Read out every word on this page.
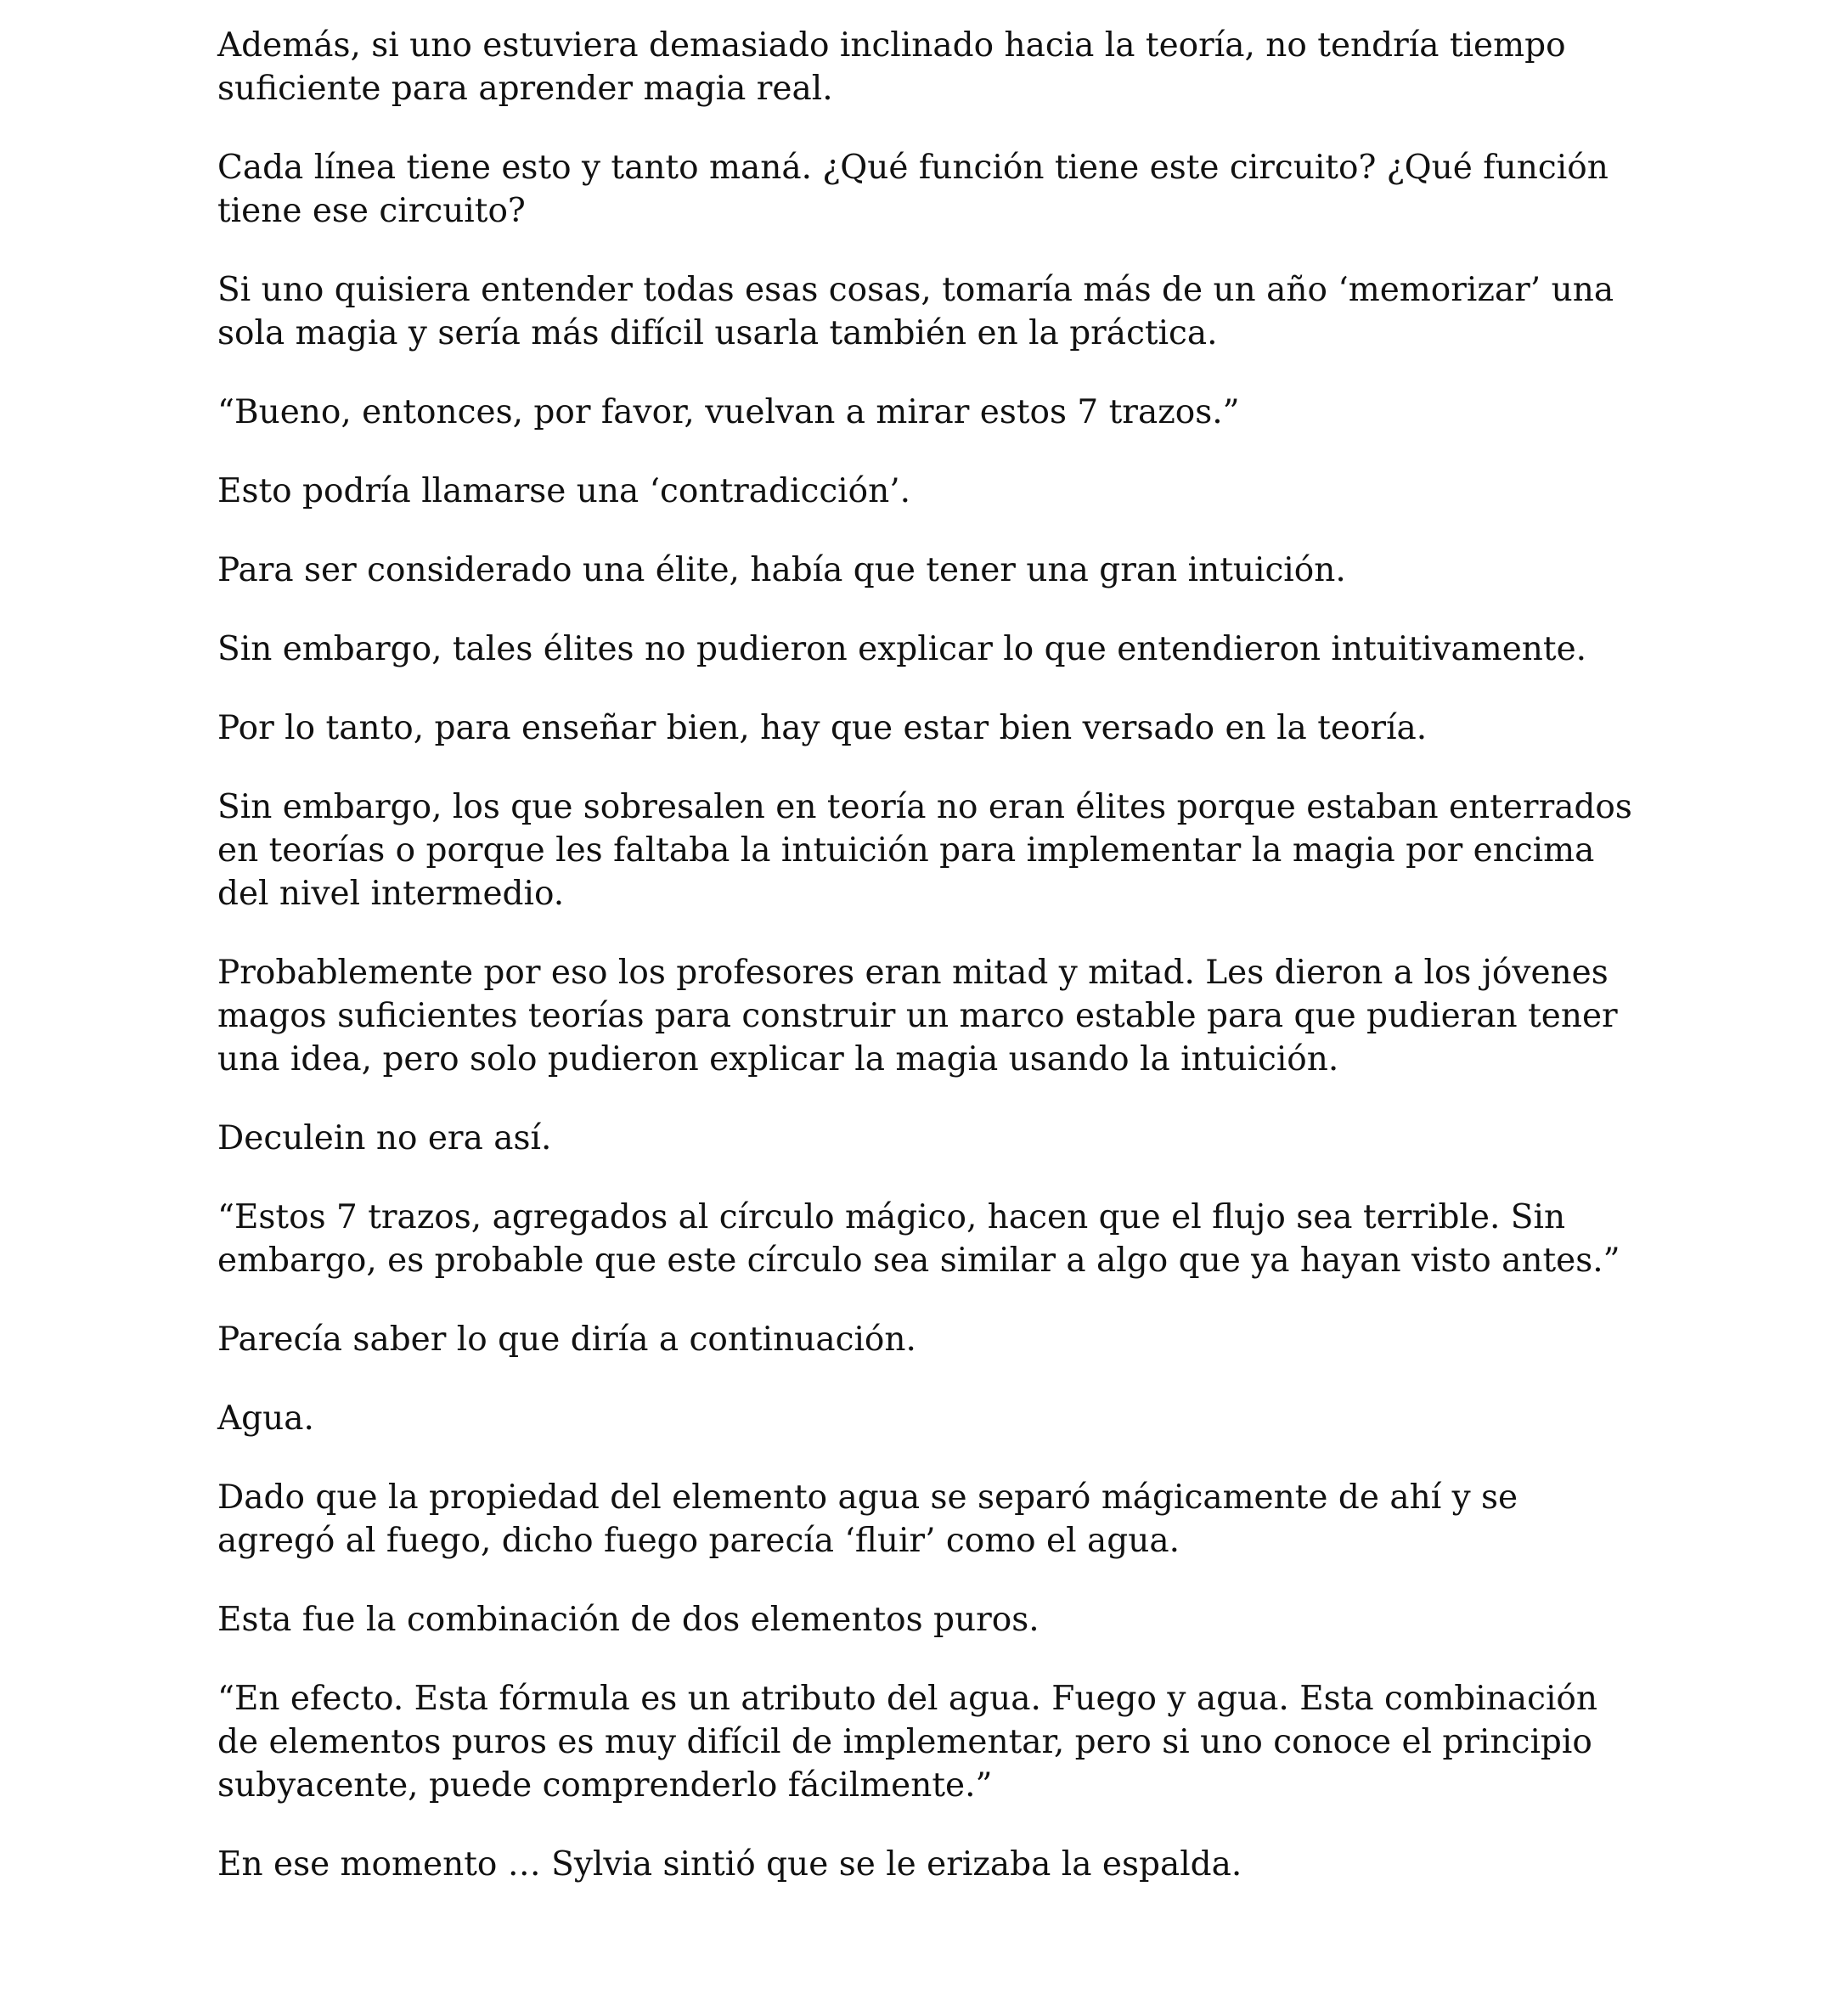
Además, si uno estuviera demasiado inclinado hacia la teoría, no tendría tiempo suficiente para aprender magia real.

Cada línea tiene esto y tanto maná. ¿Qué función tiene este circuito? ¿Qué función tiene ese circuito?

Si uno quisiera entender todas esas cosas, tomaría más de un año ‘memorizar’ una sola magia y sería más difícil usarla también en la práctica.

“Bueno, entonces, por favor, vuelvan a mirar estos 7 trazos.”

Esto podría llamarse una ‘contradicción’.

Para ser considerado una élite, había que tener una gran intuición.

Sin embargo, tales élites no pudieron explicar lo que entendieron intuitivamente.

Por lo tanto, para enseñar bien, hay que estar bien versado en la teoría.

Sin embargo, los que sobresalen en teoría no eran élites porque estaban enterrados en teorías o porque les faltaba la intuición para implementar la magia por encima del nivel intermedio.

Probablemente por eso los profesores eran mitad y mitad. Les dieron a los jóvenes magos suficientes teorías para construir un marco estable para que pudieran tener una idea, pero solo pudieron explicar la magia usando la intuición.

Deculein no era así.

“Estos 7 trazos, agregados al círculo mágico, hacen que el flujo sea terrible. Sin embargo, es probable que este círculo sea similar a algo que ya hayan visto antes.”

Parecía saber lo que diría a continuación.

Agua.

Dado que la propiedad del elemento agua se separó mágicamente de ahí y se agregó al fuego, dicho fuego parecía ‘fluir’ como el agua.

Esta fue la combinación de dos elementos puros.

“En efecto. Esta fórmula es un atributo del agua. Fuego y agua. Esta combinación de elementos puros es muy difícil de implementar, pero si uno conoce el principio subyacente, puede comprenderlo fácilmente.”

En ese momento … Sylvia sintió que se le erizaba la espalda.
